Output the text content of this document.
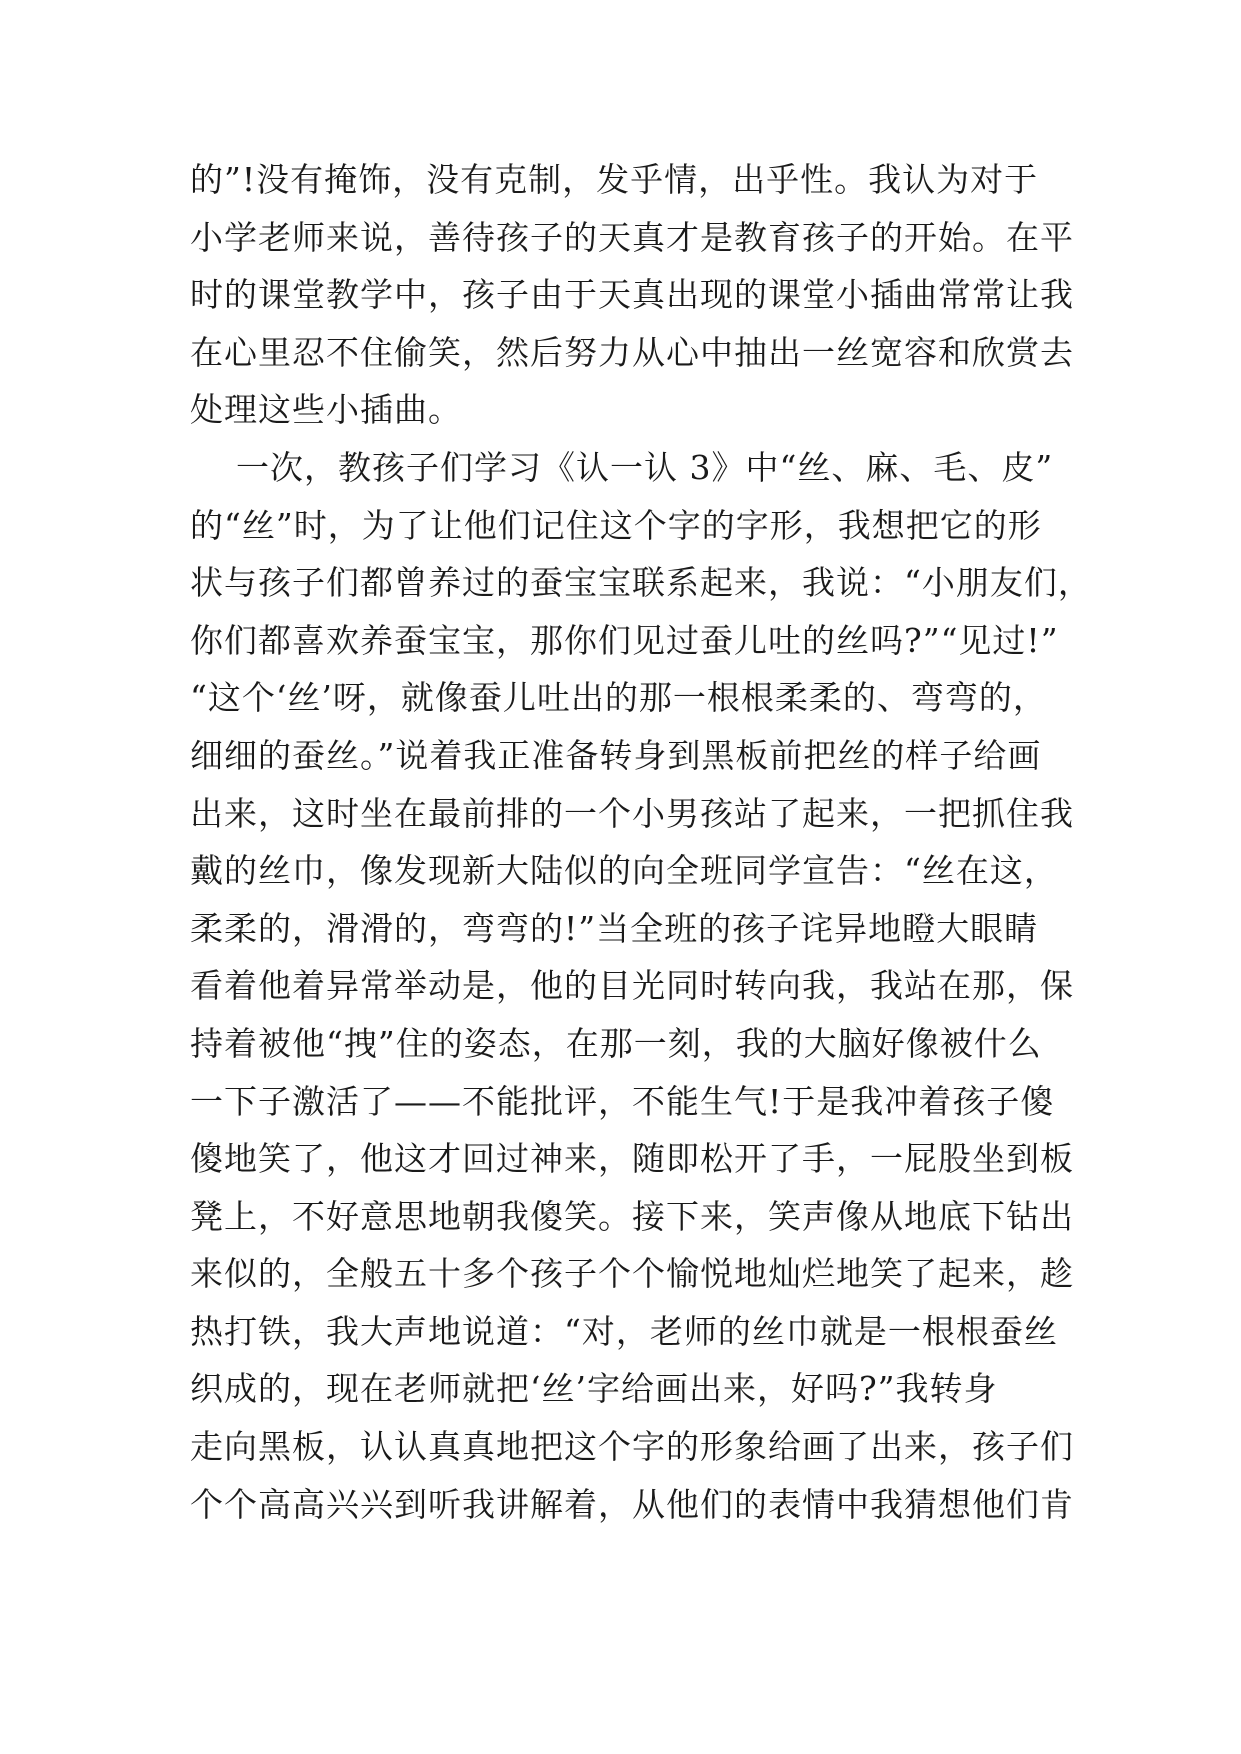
的”!没有掩饰，没有克制，发乎情，出乎性。我认为对于
小学老师来说，善待孩子的天真才是教育孩子的开始。在平
时的课堂教学中，孩子由于天真出现的课堂小插曲常常让我
在心里忍不住偷笑，然后努力从心中抽出一丝宽容和欣赏去
处理这些小插曲。
一次，教孩子们学习《认一认 3》中“丝、麻、毛、皮”
的“丝”时，为了让他们记住这个字的字形，我想把它的形
状与孩子们都曾养过的蚕宝宝联系起来，我说：“小朋友们，
你们都喜欢养蚕宝宝，那你们见过蚕儿吐的丝吗?”“见过!”
“这个‘丝’呀，就像蚕儿吐出的那一根根柔柔的、弯弯的，
细细的蚕丝。”说着我正准备转身到黑板前把丝的样子给画
出来，这时坐在最前排的一个小男孩站了起来，一把抓住我
戴的丝巾，像发现新大陆似的向全班同学宣告：“丝在这，
柔柔的，滑滑的，弯弯的!”当全班的孩子诧异地瞪大眼睛
看着他着异常举动是，他的目光同时转向我，我站在那，保
持着被他“拽”住的姿态，在那一刻，我的大脑好像被什么
一下子激活了——不能批评，不能生气!于是我冲着孩子傻
傻地笑了，他这才回过神来，随即松开了手，一屁股坐到板
凳上，不好意思地朝我傻笑。接下来，笑声像从地底下钻出
来似的，全般五十多个孩子个个愉悦地灿烂地笑了起来，趁
热打铁，我大声地说道：“对，老师的丝巾就是一根根蚕丝
织成的，现在老师就把‘丝’字给画出来，好吗?”我转身
走向黑板，认认真真地把这个字的形象给画了出来，孩子们
个个高高兴兴到听我讲解着，从他们的表情中我猜想他们肯
